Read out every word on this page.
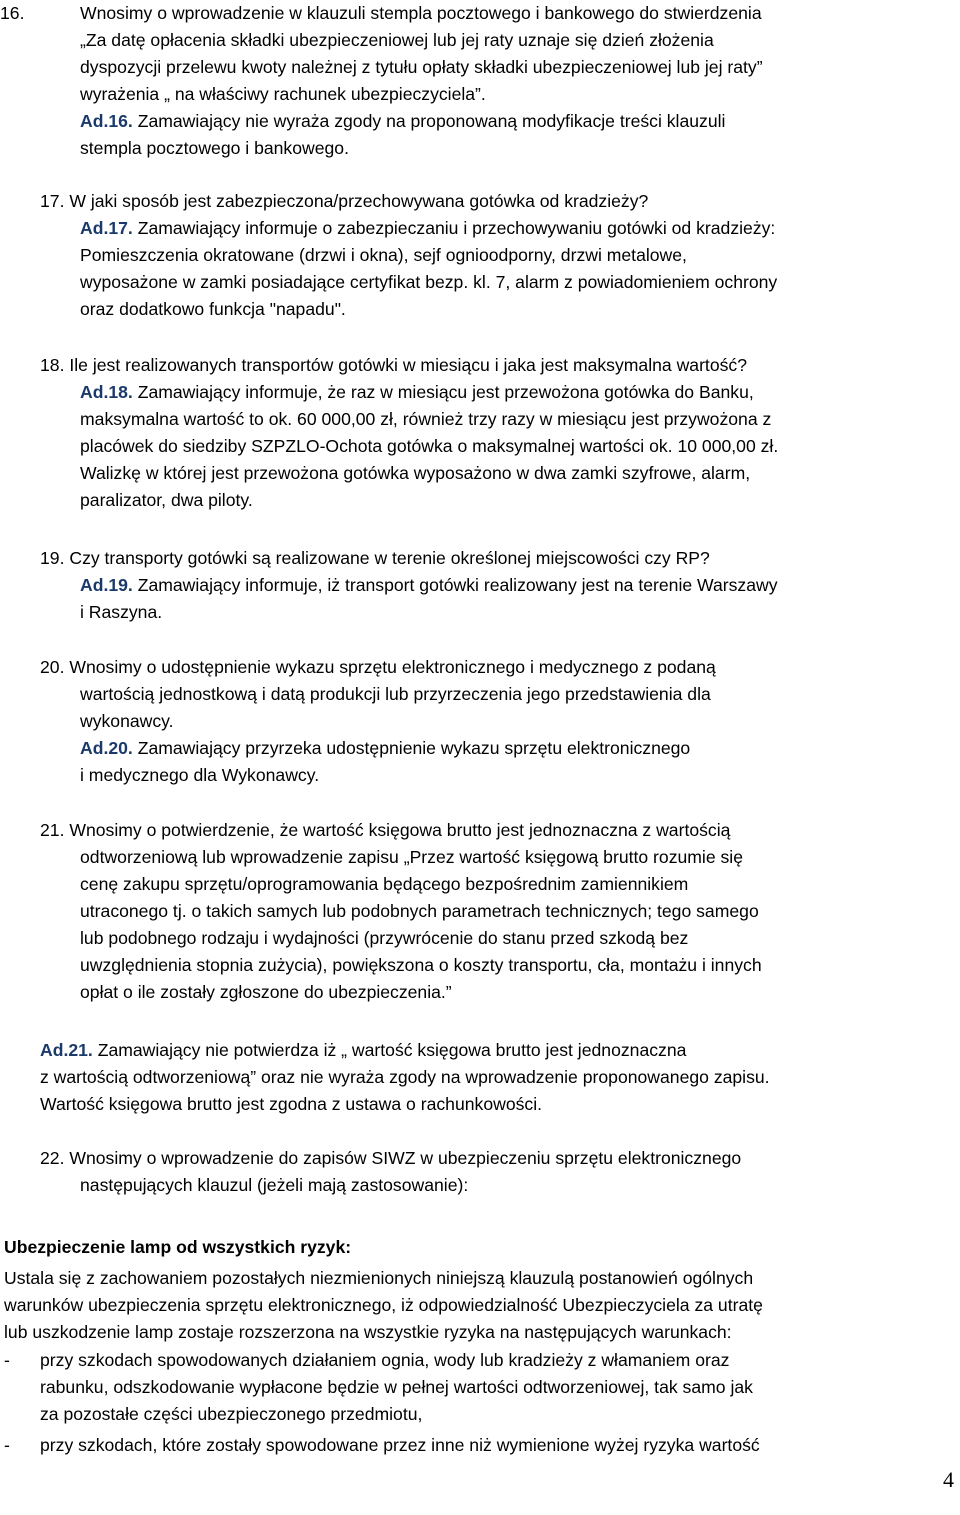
16.	Wnosimy o wprowadzenie w klauzuli stempla pocztowego i bankowego do stwierdzenia
„Za datę opłacenia składki ubezpieczeniowej lub jej raty uznaje się dzień złożenia
dyspozycji przelewu kwoty należnej z tytułu opłaty składki ubezpieczeniowej lub jej raty”
wyrażenia „ na właściwy rachunek ubezpieczyciela”.
Ad.16. Zamawiający nie wyraża zgody na proponowaną modyfikacje treści klauzuli
stempla pocztowego i bankowego.
17. W jaki sposób jest zabezpieczona/przechowywana gotówka od kradzieży?
Ad.17. Zamawiający informuje o zabezpieczaniu i przechowywaniu gotówki od kradzieży:
Pomieszczenia okratowane (drzwi i okna), sejf ognioodporny, drzwi metalowe,
wyposażone w zamki posiadające certyfikat bezp. kl. 7, alarm z powiadomieniem ochrony
oraz dodatkowo funkcja "napadu".
18. Ile jest realizowanych transportów gotówki w miesiącu i jaka jest maksymalna wartość?
Ad.18. Zamawiający informuje, że raz w miesiącu jest przewożona gotówka do Banku,
maksymalna wartość to ok. 60 000,00 zł, również trzy razy w miesiącu jest przywożona z
placówek do siedziby SZPZLO-Ochota gotówka o maksymalnej wartości ok. 10 000,00 zł.
Walizkę w której jest przewożona gotówka wyposażono w dwa zamki szyfrowe, alarm,
paralizator, dwa piloty.
19. Czy transporty gotówki są realizowane w terenie określonej miejscowości czy RP?
Ad.19. Zamawiający informuje, iż transport gotówki realizowany jest na terenie Warszawy
i Raszyna.
20. Wnosimy o udostępnienie wykazu sprzętu elektronicznego i medycznego z podaną
wartością jednostkową i datą produkcji lub przyrzeczenia jego przedstawienia dla
wykonawcy.
Ad.20. Zamawiający przyrzeka udostępnienie wykazu sprzętu elektronicznego
i medycznego dla Wykonawcy.
21. Wnosimy o potwierdzenie, że wartość księgowa brutto jest jednoznaczna z wartością
odtworzeniową lub wprowadzenie zapisu „Przez wartość księgową brutto rozumie się
cenę zakupu sprzętu/oprogramowania będącego bezpośrednim zamiennikiem
utraconego tj. o takich samych lub podobnych parametrach technicznych; tego samego
lub podobnego rodzaju i wydajności (przywrócenie do stanu przed szkodą bez
uwzględnienia stopnia zużycia), powiększona o koszty transportu, cła, montażu i innych
opłat o ile zostały zgłoszone do ubezpieczenia.”
Ad.21. Zamawiający nie potwierdza iż „ wartość księgowa brutto jest jednoznaczna
z wartością odtworzeniową” oraz nie wyraża zgody na wprowadzenie proponowanego zapisu.
Wartość księgowa brutto jest zgodna z ustawa o rachunkowości.
22. Wnosimy o wprowadzenie do zapisów SIWZ w ubezpieczeniu sprzętu elektronicznego
następujących klauzul (jeżeli mają zastosowanie):
Ubezpieczenie lamp od wszystkich ryzyk:
Ustala się z zachowaniem pozostałych niezmienionych niniejszą klauzulą postanowień ogólnych
warunków ubezpieczenia sprzętu elektronicznego, iż odpowiedzialność Ubezpieczyciela za utratę
lub uszkodzenie lamp zostaje rozszerzona na wszystkie ryzyka na następujących warunkach:
- przy szkodach spowodowanych działaniem ognia, wody lub kradzieży z włamaniem oraz
rabunku, odszkodowanie wypłacone będzie w pełnej wartości odtworzeniowej, tak samo jak
za pozostałe części ubezpieczonego przedmiotu,
- przy szkodach, które zostały spowodowane przez inne niż wymienione wyżej ryzyka wartość
4
